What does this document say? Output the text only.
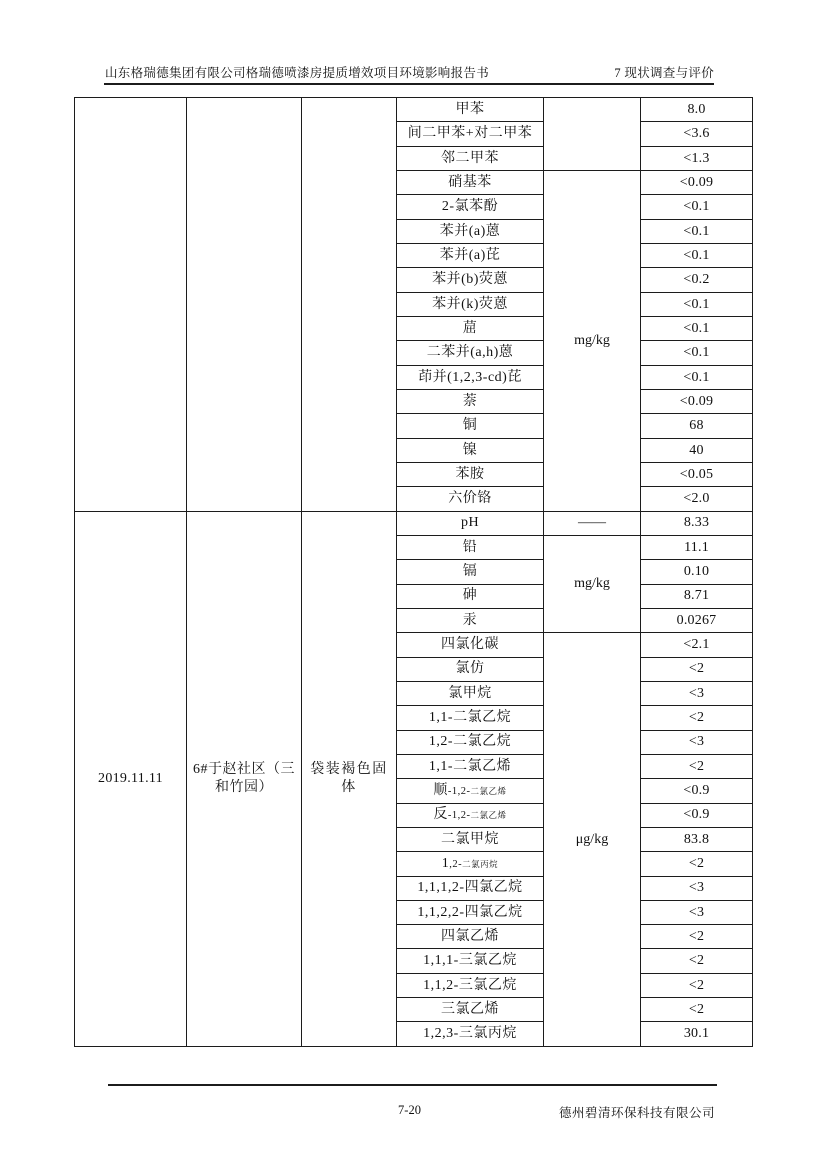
山东格瑞德集团有限公司格瑞德喷漆房提质增效项目环境影响报告书	7 现状调查与评价
			甲苯		8.0
			间二甲苯+对二甲苯		<3.6
			邻二甲苯		<1.3
			硝基苯	mg/kg	<0.09
			2-氯苯酚		<0.1
			苯并(a)蒽		<0.1
			苯并(a)芘		<0.1
			苯并(b)荧蒽		<0.2
			苯并(k)荧蒽		<0.1
			䓛		<0.1
			二苯并(a,h)蒽		<0.1
			茚并(1,2,3-cd)芘		<0.1
			萘		<0.09
			铜		68
			镍		40
			苯胺		<0.05
			六价铬		<2.0
2019.11.11	6#于赵社区（三和竹园）	袋装褐色固体	pH	——	8.33
			铅	mg/kg	11.1
			镉		0.10
			砷		8.71
			汞		0.0267
			四氯化碳	μg/kg	<2.1
			氯仿		<2
			氯甲烷		<3
			1,1-二氯乙烷		<2
			1,2-二氯乙烷		<3
			1,1-二氯乙烯		<2
			顺-1,2-二氯乙烯		<0.9
			反-1,2-二氯乙烯		<0.9
			二氯甲烷		83.8
			1,2-二氯丙烷		<2
			1,1,1,2-四氯乙烷		<3
			1,1,2,2-四氯乙烷		<3
			四氯乙烯		<2
			1,1,1-三氯乙烷		<2
			1,1,2-三氯乙烷		<2
			三氯乙烯		<2
			1,2,3-三氯丙烷		30.1
7-20	德州碧清环保科技有限公司
